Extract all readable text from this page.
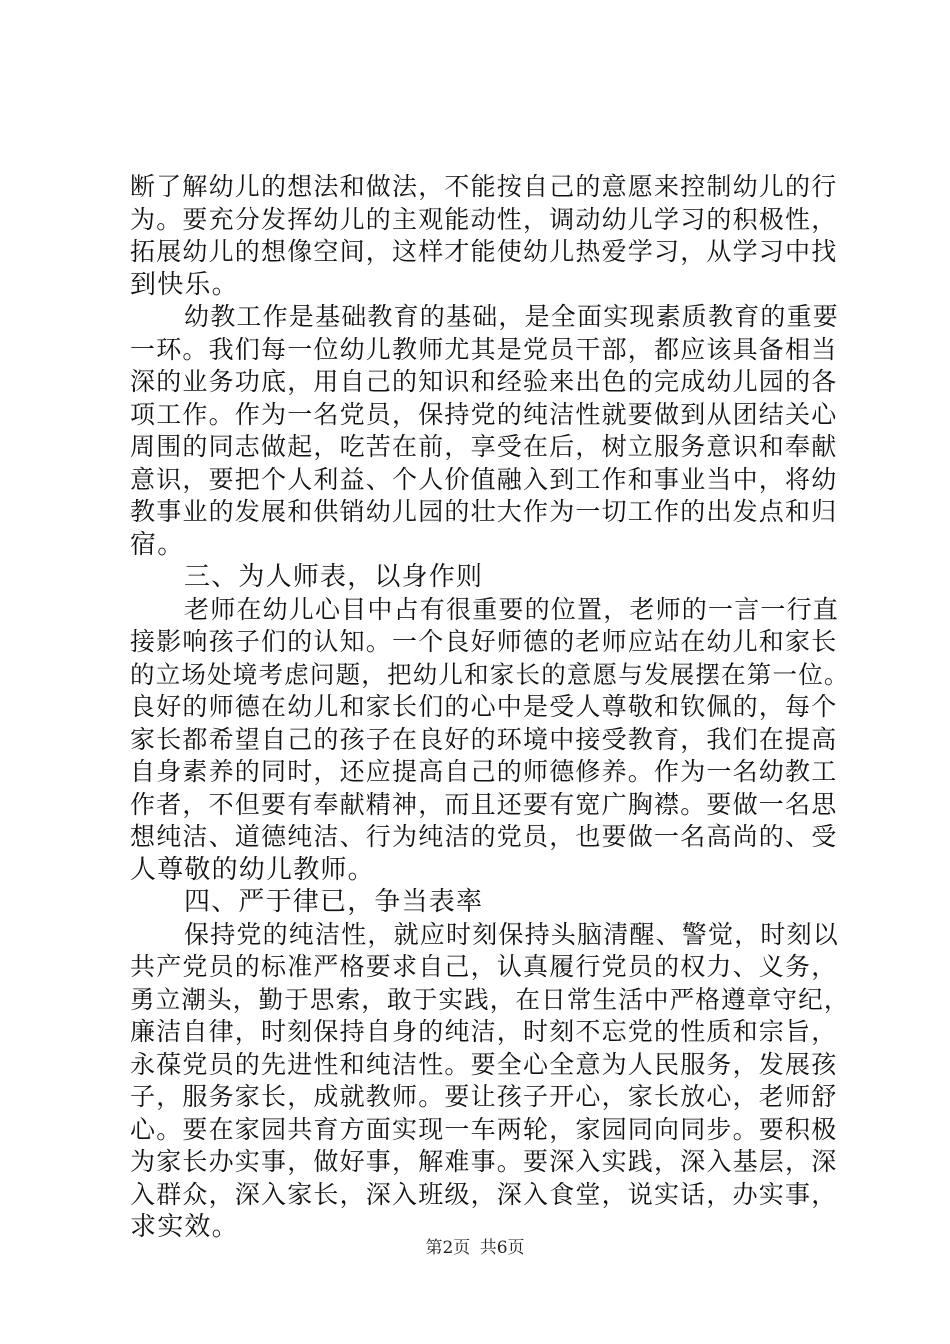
断了解幼儿的想法和做法，不能按自己的意愿来控制幼儿的行
为。要充分发挥幼儿的主观能动性，调动幼儿学习的积极性，
拓展幼儿的想像空间，这样才能使幼儿热爱学习，从学习中找
到快乐。
幼教工作是基础教育的基础，是全面实现素质教育的重要
一环。我们每一位幼儿教师尤其是党员干部，都应该具备相当
深的业务功底，用自己的知识和经验来出色的完成幼儿园的各
项工作。作为一名党员，保持党的纯洁性就要做到从团结关心
周围的同志做起，吃苦在前，享受在后，树立服务意识和奉献
意识，要把个人利益、个人价值融入到工作和事业当中，将幼
教事业的发展和供销幼儿园的壮大作为一切工作的出发点和归
宿。
三、为人师表，以身作则
老师在幼儿心目中占有很重要的位置，老师的一言一行直
接影响孩子们的认知。一个良好师德的老师应站在幼儿和家长
的立场处境考虑问题，把幼儿和家长的意愿与发展摆在第一位。
良好的师德在幼儿和家长们的心中是受人尊敬和钦佩的，每个
家长都希望自己的孩子在良好的环境中接受教育，我们在提高
自身素养的同时，还应提高自己的师德修养。作为一名幼教工
作者，不但要有奉献精神，而且还要有宽广胸襟。要做一名思
想纯洁、道德纯洁、行为纯洁的党员，也要做一名高尚的、受
人尊敬的幼儿教师。
四、严于律已，争当表率
保持党的纯洁性，就应时刻保持头脑清醒、警觉，时刻以
共产党员的标准严格要求自己，认真履行党员的权力、义务，
勇立潮头，勤于思索，敢于实践，在日常生活中严格遵章守纪，
廉洁自律，时刻保持自身的纯洁，时刻不忘党的性质和宗旨，
永葆党员的先进性和纯洁性。要全心全意为人民服务，发展孩
子，服务家长，成就教师。要让孩子开心，家长放心，老师舒
心。要在家园共育方面实现一车两轮，家园同向同步。要积极
为家长办实事，做好事，解难事。要深入实践，深入基层，深
入群众，深入家长，深入班级，深入食堂，说实话，办实事，
求实效。
第2页 共6页
